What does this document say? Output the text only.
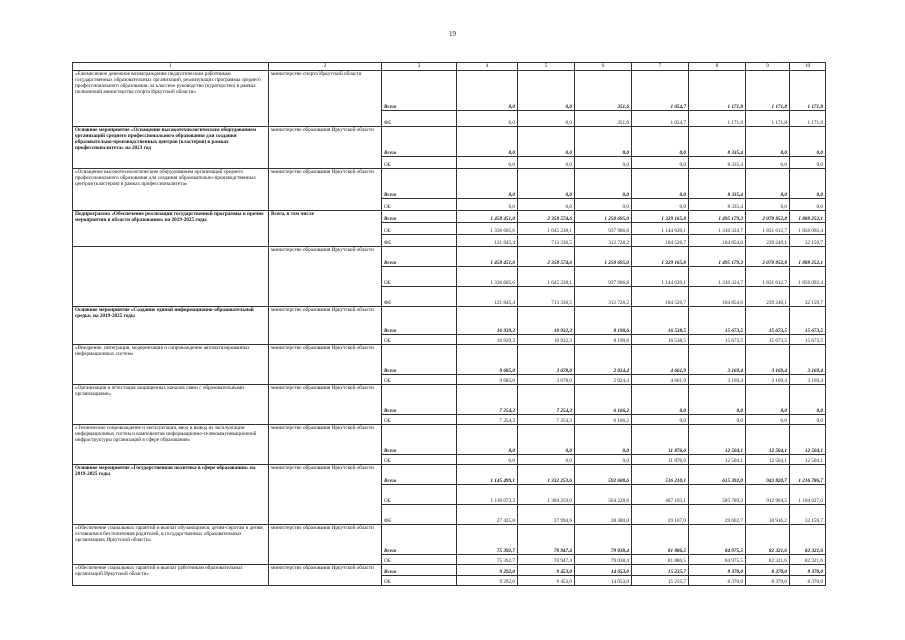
19
1	2	3	4	5	6	7	8	9	10
«Ежемесячное денежное вознаграждение педагогическим работникам государственных образовательных организаций, реализующих программы среднего профессионального образования, за классное руководство (кураторство) в рамках полномочий министерства спорта Иркутской области»	министерство спорта Иркутской области	Всего	0,0	0,0	351,6	1 054,7	1 171,8	1 171,8	1 171,8
		ФБ	0,0	0,0	351,6	1 054,7	1 171,8	1 171,8	1 171,8
Основное мероприятие «Оснащение высокотехнологическим оборудованием организаций среднего профессионального образования для создания образовательно-производственных центров (кластеров) в рамках профессионалитета» на 2023 год	министерство образования Иркутской области	Всего	0,0	0,0	0,0	0,0	8 335,4	0,0	0,0
		ОБ	0,0	0,0	0,0	0,0	8 335,4	0,0	0,0
«Оснащение высокотехнологическим оборудованием организаций среднего профессионального образования для создания образовательно-производственных центров (кластеров) в рамках профессионалитета»	министерство образования Иркутской области	Всего	0,0	0,0	0,0	0,0	8 335,4	0,0	0,0
		ОБ	0,0	0,0	0,0	0,0	8 335,4	0,0	0,0
Подпрограмма «Обеспечение реализации государственной программы и прочие мероприятия в области образования» на 2019-2025 годы	Всего, в том числе	Всего	1 458 451,0	2 358 574,6	1 250 695,0	1 329 165,8	1 495 179,3	2 070 852,8	1 888 252,1
		ОБ	1 336 605,6	1 645 238,1	937 966,8	1 144 639,1	1 310 324,7	1 831 612,7	1 856 092,4
		ФБ	121 845,4	713 336,5	312 728,2	184 526,7	184 854,6	239 240,1	32 159,7
	министерство образования Иркутской области	Всего	1 458 451,0	2 358 574,6	1 250 695,0	1 329 165,8	1 495 179,3	2 070 852,8	1 888 252,1
		ОБ	1 336 605,6	1 645 238,1	937 966,8	1 144 639,1	1 310 324,7	1 831 612,7	1 856 092,4
		ФБ	121 845,4	713 336,5	312 728,2	184 526,7	184 854,6	239 240,1	32 159,7
Основное мероприятие «Создание единой информационно-образовательной среды» на 2019-2025 годы	министерство образования Иркутской области	Всего	16 939,3	10 932,3	8 190,6	16 538,5	15 673,5	15 673,5	15 673,5
		ОБ	16 939,3	10 932,3	8 190,6	16 538,5	15 673,5	15 673,5	15 673,5
«Внедрение, интеграция, модернизация и сопровождение автоматизированных информационных систем»	министерство образования Иркутской области	Всего	9 685,0	3 678,0	2 024,4	4 661,9	3 169,4	3 169,4	3 169,4
		ОБ	9 685,0	3 678,0	2 024,4	4 661,9	3 169,4	3 169,4	3 169,4
«Организация и аттестация защищенных каналов связи с образовательными организациями»	министерство образования Иркутской области	Всего	7 254,3	7 254,3	6 166,2	0,0	0,0	0,0	0,0
		ОБ	7 254,3	7 254,3	6 166,2	0,0	0,0	0,0	0,0
«Техническое сопровождение и эксплуатация, ввод и вывод из эксплуатации информационных систем и компонентов информационно-телекоммуникационной инфраструктуры организаций в сфере образования»	министерство образования Иркутской области	Всего	0,0	0,0	0,0	11 876,6	12 504,1	12 504,1	12 504,1
		ОБ	0,0	0,0	0,0	11 876,6	12 504,1	12 504,1	12 504,1
Основное мероприятие «Государственная политика в сфере образования» на 2019-2025 годы	министерство образования Иркутской области	Всего	1 145 499,1	1 332 253,6	592 608,6	516 210,1	615 392,0	943 820,7	1 216 786,7
		ОБ	1 118 073,3	1 304 259,0	564 228,6	487 103,1	585 789,3	912 904,5	1 184 627,0
		ФБ	27 425,8	27 994,6	28 380,0	29 107,0	29 602,7	30 916,2	32 159,7
«Обеспечение социальных гарантий и выплат обучающимся, детям-сиротам и детям, оставшимся без попечения родителей, в государственных образовательных организациях Иркутской области»	министерство образования Иркутской области	Всего	75 392,7	70 947,4	79 038,4	81 886,5	84 975,5	82 321,6	82 321,6
		ОБ	75 392,7	70 947,4	79 038,4	81 886,5	84 975,5	82 321,6	82 321,6
«Обеспечение социальных гарантий и выплат работникам образовательных организаций Иркутской области»	министерство образования Иркутской области	Всего	9 292,0	9 453,0	14 053,0	15 235,7	8 370,0	8 370,0	8 370,0
		ОБ	9 292,0	9 453,0	14 053,0	15 235,7	8 370,0	8 370,0	8 370,0
